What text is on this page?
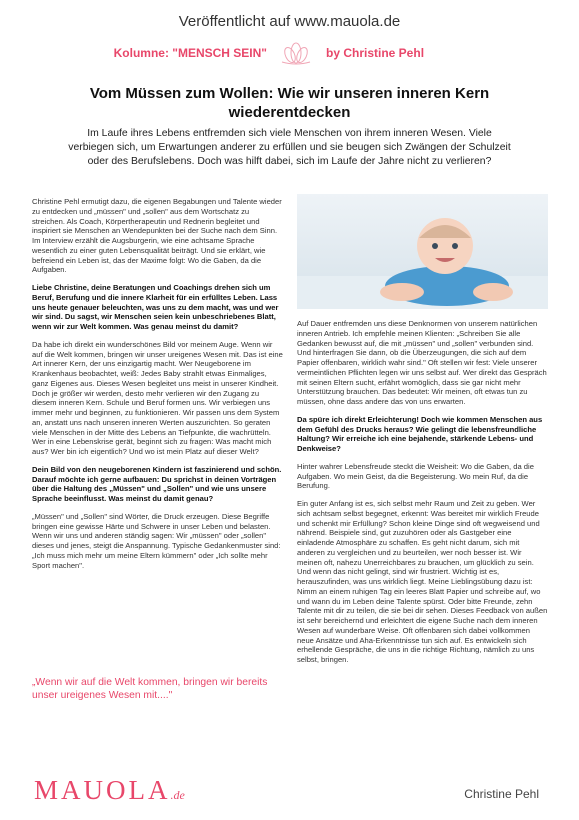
Veröffentlicht auf www.mauola.de
Kolumne: "MENSCH SEIN"	by Christine Pehl
Vom Müssen zum Wollen: Wie wir unseren inneren Kern wiederentdecken

Im Laufe ihres Lebens entfremden sich viele Menschen von ihrem inneren Wesen. Viele verbiegen sich, um Erwartungen anderer zu erfüllen und sie beugen sich Zwängen der Schulzeit oder des Berufslebens. Doch was hilft dabei, sich im Laufe der Jahre nicht zu verlieren?

Christine Pehl ermutigt dazu, die eigenen Begabungen und Talente wieder zu entdecken und „müssen" und „sollen" aus dem Wortschatz zu streichen. Als Coach, Körpertherapeutin und Rednerin begleitet und inspiriert sie Menschen an Wendepunkten bei der Suche nach dem Sinn. Im Interview erzählt die Augsburgerin, wie eine achtsame Sprache wesentlich zu einer guten Lebensqualität beiträgt. Und sie erklärt, wie befreiend ein Leben ist, das der Maxime folgt: Wo die Gaben, da die Aufgaben.

Liebe Christine, deine Beratungen und Coachings drehen sich um Beruf, Berufung und die innere Klarheit für ein erfülltes Leben. Lass uns heute genauer beleuchten, was uns zu dem macht, was und wer wir sind. Du sagst, wir Menschen seien kein unbeschriebenes Blatt, wenn wir zur Welt kommen. Was genau meinst du damit?

Da habe ich direkt ein wunderschönes Bild vor meinem Auge. Wenn wir auf die Welt kommen, bringen wir unser ureigenes Wesen mit. Das ist eine Art innerer Kern, der uns einzigartig macht. Wer Neugeborene im Krankenhaus beobachtet, weiß: Jedes Baby strahlt etwas Einmaliges, ganz Eigenes aus. Dieses Wesen begleitet uns meist in unserer Kindheit. Doch je größer wir werden, desto mehr verlieren wir den Zugang zu diesem inneren Kern. Schule und Beruf formen uns. Wir verbiegen uns immer mehr und beginnen, zu funktionieren. Wir passen uns dem System an, anstatt uns nach unseren inneren Werten auszurichten. So geraten viele Menschen in der Mitte des Lebens an Tiefpunkte, die wachrütteln. Wer in eine Lebenskrise gerät, beginnt sich zu fragen: Was macht mich aus? Wer bin ich eigentlich? Und wo ist mein Platz auf dieser Welt?

Dein Bild von den neugeborenen Kindern ist faszinierend und schön. Darauf möchte ich gerne aufbauen: Du sprichst in deinen Vorträgen über die Haltung des „Müssen" und „Sollen" und wie uns unsere Sprache beeinflusst. Was meinst du damit genau?

„Müssen" und „Sollen" sind Wörter, die Druck erzeugen. Diese Begriffe bringen eine gewisse Härte und Schwere in unser Leben und belasten. Wenn wir uns und anderen ständig sagen: Wir „müssen" oder „sollen" dieses und jenes, steigt die Anspannung. Typische Gedankenmuster sind: „Ich muss mich mehr um meine Eltern kümmern" oder „Ich sollte mehr Sport machen".

„Wenn wir auf die Welt kommen, bringen wir bereits unser ureigenes Wesen mit...."

Auf Dauer entfremden uns diese Denknormen von unserem natürlichen inneren Antrieb. Ich empfehle meinen Klienten: „Schreiben Sie alle Gedanken bewusst auf, die mit „müssen" und „sollen" verbunden sind. Und hinterfragen Sie dann, ob die Überzeugungen, die sich auf dem Papier offenbaren, wirklich wahr sind." Oft stellen wir fest: Viele unserer vermeintlichen Pflichten legen wir uns selbst auf. Wer direkt das Gespräch mit seinen Eltern sucht, erfährt womöglich, dass sie gar nicht mehr Unterstützung brauchen. Das bedeutet: Wir meinen, oft etwas tun zu müssen, ohne dass andere das von uns erwarten.

Da spüre ich direkt Erleichterung! Doch wie kommen Menschen aus dem Gefühl des Drucks heraus? Wie gelingt die lebensfreundliche Haltung? Wir erreiche ich eine bejahende, stärkende Lebens- und Denkweise?

Hinter wahrer Lebensfreude steckt die Weisheit: Wo die Gaben, da die Aufgaben. Wo mein Geist, da die Begeisterung. Wo mein Ruf, da die Berufung.

Ein guter Anfang ist es, sich selbst mehr Raum und Zeit zu geben. Wer sich achtsam selbst begegnet, erkennt: Was bereitet mir wirklich Freude und schenkt mir Erfüllung? Schon kleine Dinge sind oft wegweisend und nährend. Beispiele sind, gut zuzuhören oder als Gastgeber eine einladende Atmosphäre zu schaffen. Es geht nicht darum, sich mit anderen zu vergleichen und zu beurteilen, wer noch besser ist. Wir meinen oft, nahezu Unerreichbares zu brauchen, um glücklich zu sein. Und wenn das nicht gelingt, sind wir frustriert. Wichtig ist es, herauszufinden, was uns wirklich liegt. Meine Lieblingsübung dazu ist: Nimm an einem ruhigen Tag ein leeres Blatt Papier und schreibe auf, wo und wann du im Leben deine Talente spürst. Oder bitte Freunde, zehn Talente mit dir zu teilen, die sie bei dir sehen. Dieses Feedback von außen ist sehr bereichernd und erleichtert die eigene Suche nach dem inneren Wesen auf wunderbare Weise. Oft offenbaren sich dabei vollkommen neue Ansätze und Aha-Erkenntnisse tun sich auf. Es entwickeln sich erhellende Gespräche, die uns in die richtige Richtung, nämlich zu uns selbst, bringen.

MAUOLA.de	Christine Pehl
